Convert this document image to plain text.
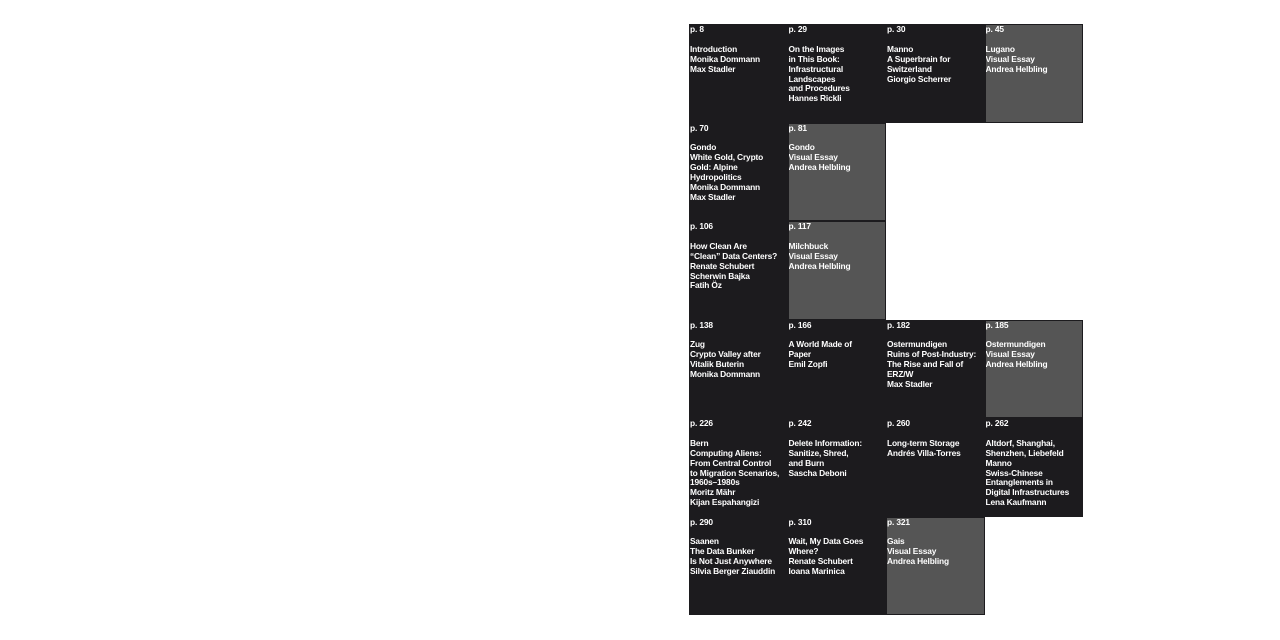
p. 8
Introduction
Monika Dommann
Max Stadler
p. 29
On the Images
in This Book:
Infrastructural
Landscapes
and Procedures
Hannes Rickli
p. 30
Manno
A Superbrain for
Switzerland
Giorgio Scherrer
p. 45
Lugano
Visual Essay
Andrea Helbling
p. 70
Gondo
White Gold, Crypto
Gold: Alpine
Hydropolitics
Monika Dommann
Max Stadler
p. 81
Gondo
Visual Essay
Andrea Helbling
p. 106
How Clean Are
“Clean” Data Centers?
Renate Schubert
Scherwin Bajka
Fatih Öz
p. 117
Milchbuck
Visual Essay
Andrea Helbling
p. 138
Zug
Crypto Valley after
Vitalik Buterin
Monika Dommann
p. 166
A World Made of
Paper
Emil Zopfi
p. 182
Ostermundigen
Ruins of Post-Industry:
The Rise and Fall of
ERZ/W
Max Stadler
p. 185
Ostermundigen
Visual Essay
Andrea Helbling
p. 226
Bern
Computing Aliens:
From Central Control
to Migration Scenarios,
1960s–1980s
Moritz Mähr
Kijan Espahangizi
p. 242
Delete Information:
Sanitize, Shred,
and Burn
Sascha Deboni
p. 260
Long-term Storage
Andrés Villa-Torres
p. 262
Altdorf, Shanghai,
Shenzhen, Liebefeld
Manno
Swiss-Chinese
Entanglements in
Digital Infrastructures
Lena Kaufmann
p. 290
Saanen
The Data Bunker
Is Not Just Anywhere
Silvia Berger Ziauddin
p. 310
Wait, My Data Goes
Where?
Renate Schubert
Ioana Marinica
p. 321
Gais
Visual Essay
Andrea Helbling
